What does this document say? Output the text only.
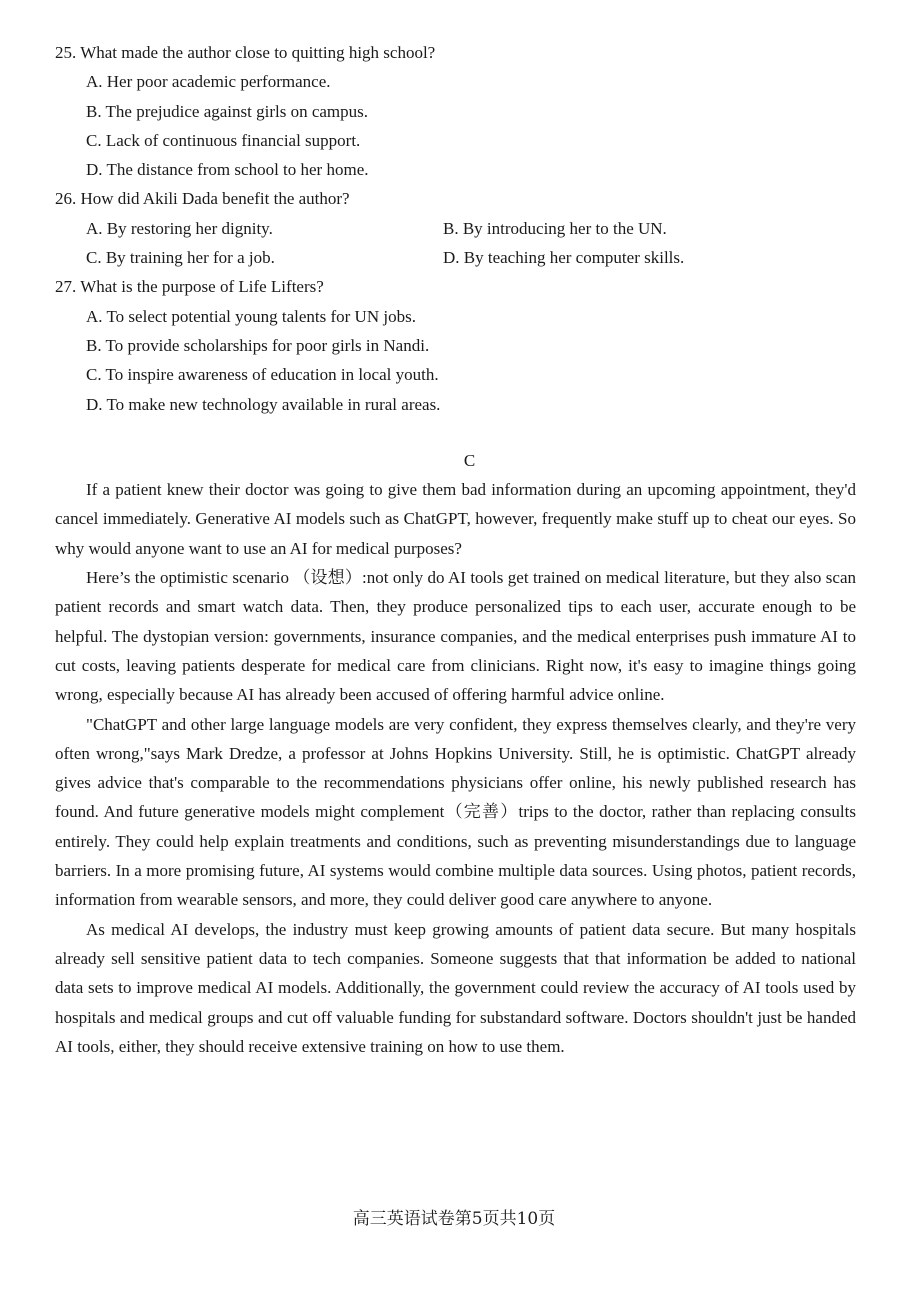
25. What made the author close to quitting high school?
A. Her poor academic performance.
B. The prejudice against girls on campus.
C. Lack of continuous financial support.
D. The distance from school to her home.
26. How did Akili Dada benefit the author?
A. By restoring her dignity.	B. By introducing her to the UN.
C. By training her for a job.	D. By teaching her computer skills.
27. What is the purpose of Life Lifters?
A. To select potential young talents for UN jobs.
B. To provide scholarships for poor girls in Nandi.
C. To inspire awareness of education in local youth.
D. To make new technology available in rural areas.
C

If a patient knew their doctor was going to give them bad information during an upcoming appointment, they'd cancel immediately. Generative AI models such as ChatGPT, however, frequently make stuff up to cheat our eyes. So why would anyone want to use an AI for medical purposes?

Here’s the optimistic scenario （设想）:not only do AI tools get trained on medical literature, but they also scan patient records and smart watch data. Then, they produce personalized tips to each user, accurate enough to be helpful. The dystopian version: governments, insurance companies, and the medical enterprises push immature AI to cut costs, leaving patients desperate for medical care from clinicians. Right now, it's easy to imagine things going wrong, especially because AI has already been accused of offering harmful advice online.

"ChatGPT and other large language models are very confident, they express themselves clearly, and they're very often wrong,"says Mark Dredze, a professor at Johns Hopkins University. Still, he is optimistic. ChatGPT already gives advice that's comparable to the recommendations physicians offer online, his newly published research has found. And future generative models might complement（完善）trips to the doctor, rather than replacing consults entirely. They could help explain treatments and conditions, such as preventing misunderstandings due to language barriers. In a more promising future, AI systems would combine multiple data sources. Using photos, patient records, information from wearable sensors, and more, they could deliver good care anywhere to anyone.

As medical AI develops, the industry must keep growing amounts of patient data secure. But many hospitals already sell sensitive patient data to tech companies. Someone suggests that that information be added to national data sets to improve medical AI models. Additionally, the government could review the accuracy of AI tools used by hospitals and medical groups and cut off valuable funding for substandard software. Doctors shouldn't just be handed AI tools, either, they should receive extensive training on how to use them.

高三英语试卷第5页共10页
